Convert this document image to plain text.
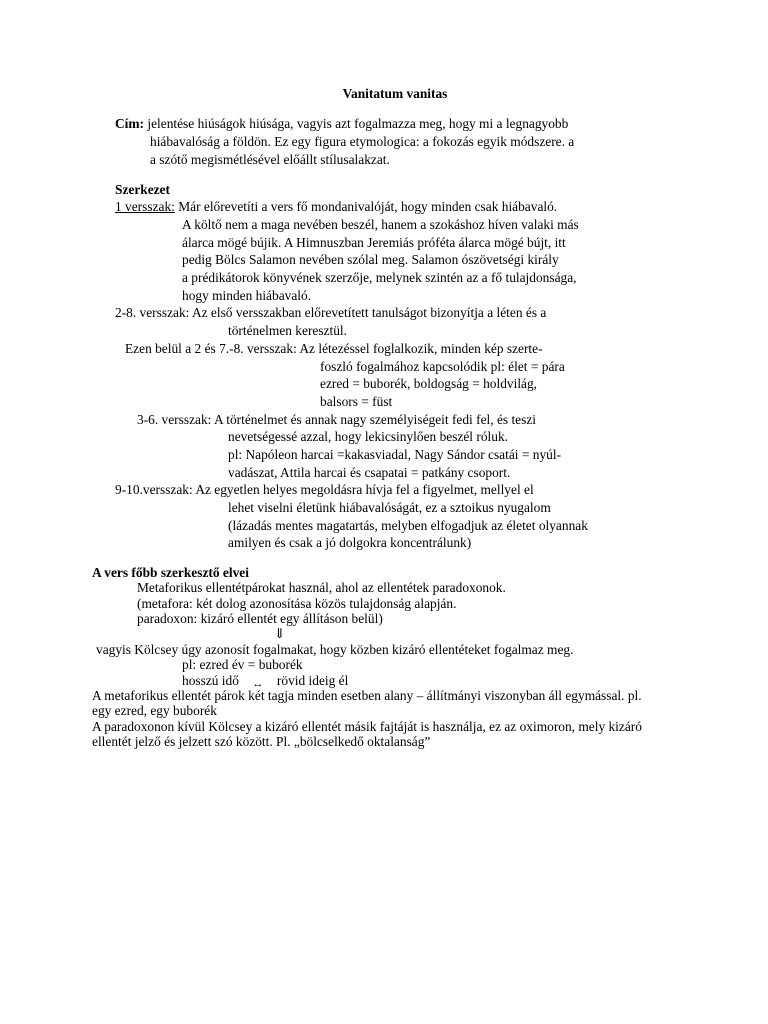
Vanitatum vanitas
Cím: jelentése hiúságok hiúsága, vagyis azt fogalmazza meg, hogy mi a legnagyobb
hiábavalóság a földön. Ez egy figura etymologica: a fokozás egyik módszere. a
a szótő megismétlésével előállt stílusalakzat.
Szerkezet
1 versszak: Már előrevetíti a vers fő mondanivalóját, hogy minden csak hiábavaló.
A költő nem a maga nevében beszél, hanem a szokáshoz híven valaki más
álarca mögé bújik. A Himnuszban Jeremiás próféta álarca mögé bújt, itt
pedig Bölcs Salamon nevében szólal meg. Salamon ószövetségi király
a prédikátorok könyvének szerzője, melynek szintén az a fő tulajdonsága,
hogy minden hiábavaló.
2-8. versszak: Az első versszakban előrevetített tanulságot bizonyítja a léten és a
történelmen keresztül.
Ezen belül a 2 és 7.-8. versszak: Az létezéssel foglalkozik, minden kép szerte-
foszló fogalmához kapcsolódik pl: élet = pára
ezred = buborék, boldogság = holdvilág,
balsors = füst
3-6. versszak: A történelmet és annak nagy személyiségeit fedi fel, és teszi
nevetségessé azzal, hogy lekicsinylően beszél róluk.
pl: Napóleon harcai =kakasviadal, Nagy Sándor csatái = nyúl-
vadászat, Attila harcai és csapatai = patkány csoport.
9-10.versszak: Az egyetlen helyes megoldásra hívja fel a figyelmet, mellyel el
lehet viselni életünk hiábavalóságát, ez a sztoikus nyugalom
(lázadás mentes magatartás, melyben elfogadjuk az életet olyannak
amilyen és csak a jó dolgokra koncentrálunk)
A vers főbb szerkesztő elvei
Metaforikus ellentétpárokat használ, ahol az ellentétek paradoxonok.
(metafora: két dolog azonosítása közös tulajdonság alapján.
paradoxon: kizáró ellentét egy állításon belül)
⇓
vagyis Kölcsey úgy azonosít fogalmakat, hogy közben kizáró ellentéteket fogalmaz meg.
pl: ezred év = buborék
hosszú idő ↔ rövid ideig él
A metaforikus ellentét párok két tagja minden esetben alany – állítmányi viszonyban áll egymással. pl.
egy ezred, egy buborék
A paradoxonon kívül Kölcsey a kizáró ellentét másik fajtáját is használja, ez az oximoron, mely kizáró
ellentét jelző és jelzett szó között. Pl. „bölcselkedő oktalanság”
